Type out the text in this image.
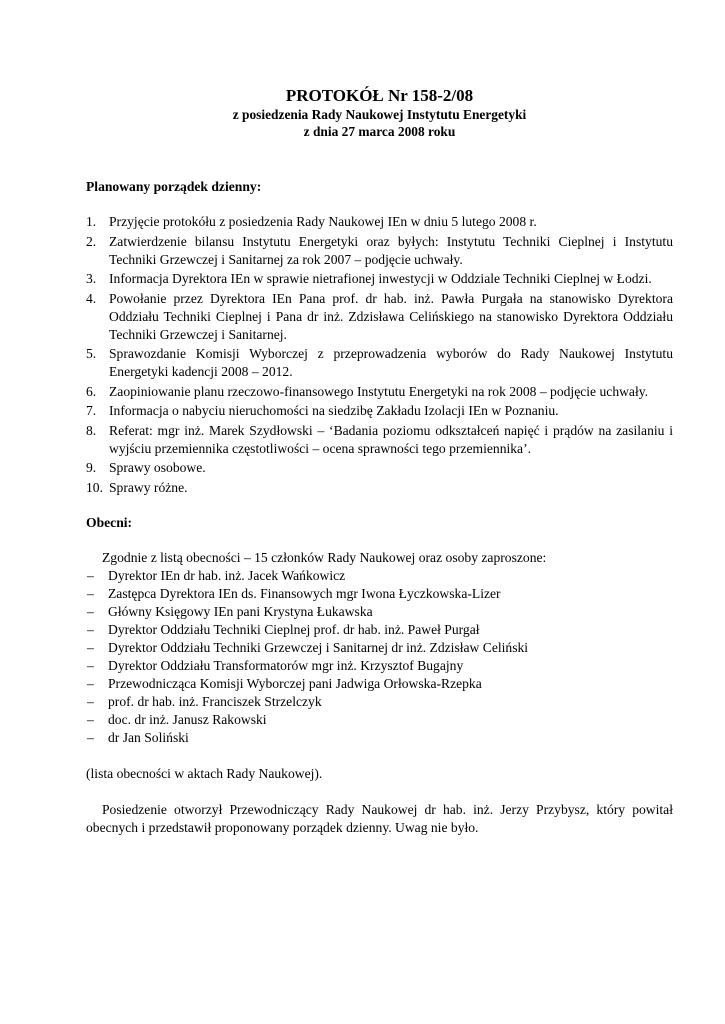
PROTOKÓŁ Nr 158-2/08

z posiedzenia Rady Naukowej Instytutu Energetyki

z dnia 27 marca 2008 roku

Planowany porządek dzienny:

1. Przyjęcie protokółu z posiedzenia Rady Naukowej IEn w dniu 5 lutego 2008 r.
2. Zatwierdzenie bilansu Instytutu Energetyki oraz byłych: Instytutu Techniki Cieplnej i Instytutu Techniki Grzewczej i Sanitarnej za rok 2007 – podjęcie uchwały.
3. Informacja Dyrektora IEn w sprawie nietrafionej inwestycji w Oddziale Techniki Cieplnej w Łodzi.
4. Powołanie przez Dyrektora IEn Pana prof. dr hab. inż. Pawła Purgała na stanowisko Dyrektora Oddziału Techniki Cieplnej i Pana dr inż. Zdzisława Celińskiego na stanowisko Dyrektora Oddziału Techniki Grzewczej i Sanitarnej.
5. Sprawozdanie Komisji Wyborczej z przeprowadzenia wyborów do Rady Naukowej Instytutu Energetyki kadencji 2008 – 2012.
6. Zaopiniowanie planu rzeczowo-finansowego Instytutu Energetyki na rok 2008 – podjęcie uchwały.
7. Informacja o nabyciu nieruchomości na siedzibę Zakładu Izolacji IEn w Poznaniu.
8. Referat: mgr inż. Marek Szydłowski – ‘Badania poziomu odkształceń napięć i prądów na zasilaniu i wyjściu przemiennika częstotliwości – ocena sprawności tego przemiennika’.
9. Sprawy osobowe.
10. Sprawy różne.

Obecni:

Zgodnie z listą obecności – 15 członków Rady Naukowej oraz osoby zaproszone:

– Dyrektor IEn dr hab. inż. Jacek Wańkowicz
– Zastępca Dyrektora IEn ds. Finansowych mgr Iwona Łyczkowska-Lizer
– Główny Księgowy IEn pani Krystyna Łukawska
– Dyrektor Oddziału Techniki Cieplnej prof. dr hab. inż. Paweł Purgał
– Dyrektor Oddziału Techniki Grzewczej i Sanitarnej dr inż. Zdzisław Celiński
– Dyrektor Oddziału Transformatorów mgr inż. Krzysztof Bugajny
– Przewodnicząca Komisji Wyborczej pani Jadwiga Orłowska-Rzepka
– prof. dr hab. inż. Franciszek Strzelczyk
– doc. dr inż. Janusz Rakowski
– dr Jan Soliński

(lista obecności w aktach Rady Naukowej).

Posiedzenie otworzył Przewodniczący Rady Naukowej dr hab. inż. Jerzy Przybysz, który powitał obecnych i przedstawił proponowany porządek dzienny. Uwag nie było.
